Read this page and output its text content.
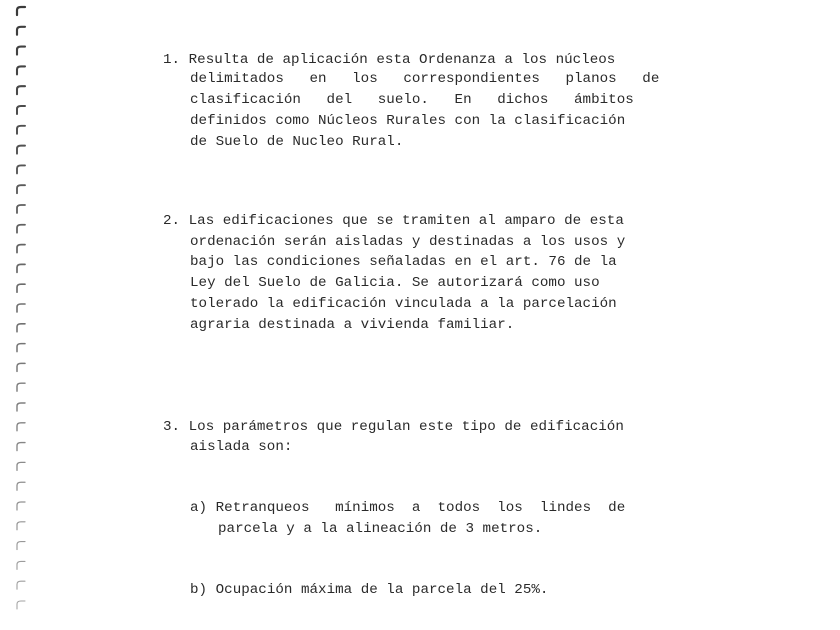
1. Resulta de aplicación esta Ordenanza a los núcleos
delimitados   en   los   correspondientes   planos   de
clasificación   del   suelo.   En   dichos   ámbitos
definidos como Núcleos Rurales con la clasificación
de Suelo de Nucleo Rural.
2. Las edificaciones que se tramiten al amparo de esta
ordenación serán aisladas y destinadas a los usos y
bajo las condiciones señaladas en el art. 76 de la
Ley del Suelo de Galicia. Se autorizará como uso
tolerado la edificación vinculada a la parcelación
agraria destinada a vivienda familiar.
3. Los parámetros que regulan este tipo de edificación
aislada son:
a) Retranqueos   mínimos  a  todos  los  lindes  de
parcela y a la alineación de 3 metros.
b) Ocupación máxima de la parcela del 25%.
